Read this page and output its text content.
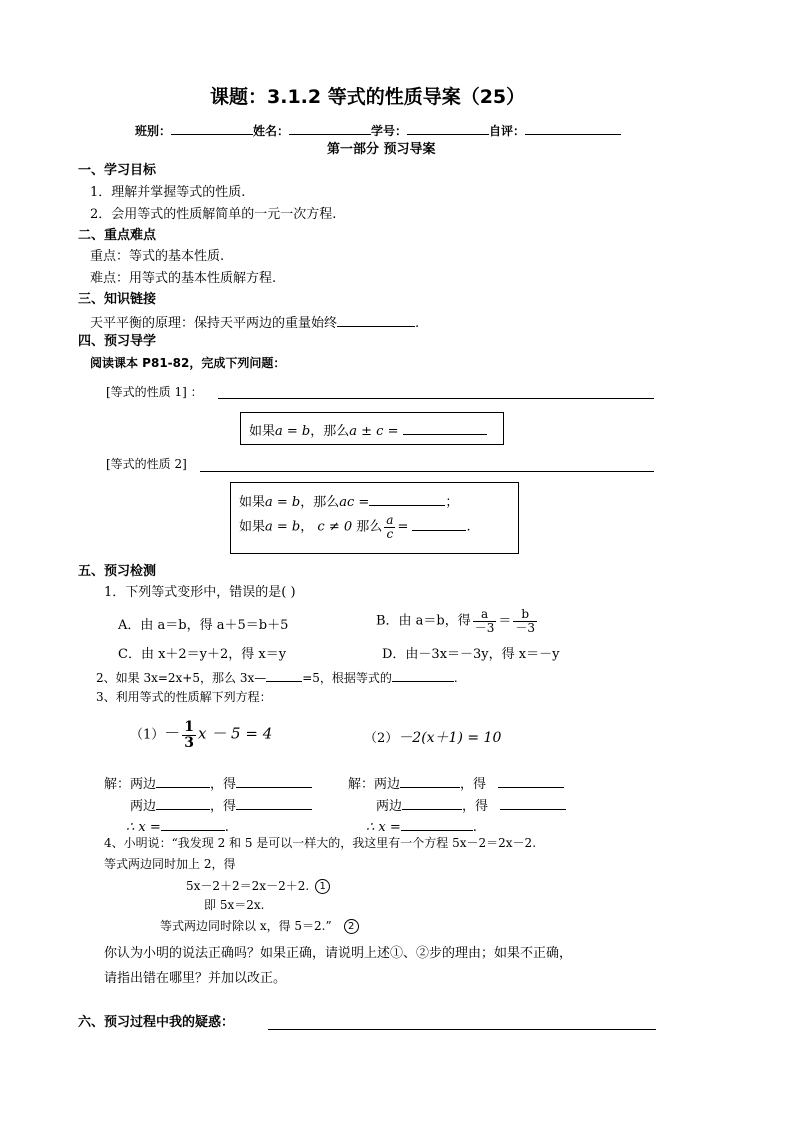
课题：3.1.2 等式的性质导案（25）
班别：	姓名：	学号：	自评：
第一部分 预习导案
一、学习目标
1．理解并掌握等式的性质.
2．会用等式的性质解简单的一元一次方程.
二、重点难点
重点：等式的基本性质.
难点：用等式的基本性质解方程.
三、知识链接
天平平衡的原理：保持天平两边的重量始终	.
四、预习导学
阅读课本 P81-82，完成下列问题：
[等式的性质 1] ：
如果a = b，那么a ± c =
[等式的性质 2]
如果a = b，那么ac =	；
如果a = b， c ≠ 0 那么 $\frac{a}{c}$ =	.
五、预习检测
1．下列等式变形中，错误的是( )
A．由 a＝b，得 a＋5＝b＋5	B．由 a＝b，得 $\frac{a}{-3} = \frac{b}{-3}$
C．由 x＋2＝y＋2，得 x＝y	D．由－3x＝－3y，得 x＝－y
2、如果 3x=2x+5，那么 3x—	=5，根据等式的	.
3、利用等式的性质解下列方程：
$(1)- \frac{1}{3}$ x － 5 = 4	（2）－2(x＋1) = 10
解：两边	，得
两边	，得
∴ x =	.
解：两边	，得
两边	，得
∴ x =	.
4、小明说：“我发现 2 和 5 是可以一样大的，我这里有一个方程 5x－2＝2x－2.
等式两边同时加上 2，得
5x－2＋2＝2x－2＋2. 1
即 5x＝2x.
等式两边同时除以 x，得 5＝2.” 2
你认为小明的说法正确吗？如果正确，请说明上述①、②步的理由；如果不正确，
请指出错在哪里？并加以改正。
六、预习过程中我的疑惑：
